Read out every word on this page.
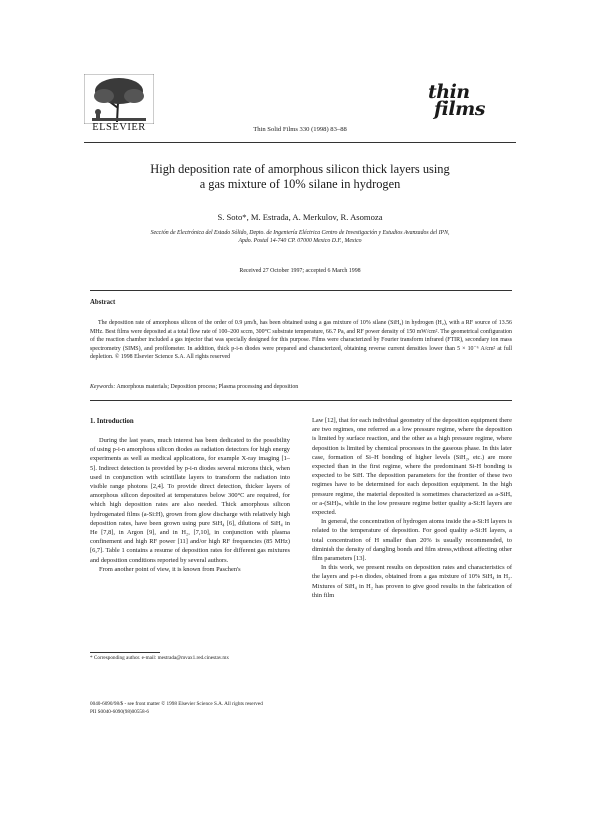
ELSEVIER	Thin Solid Films 330 (1998) 83–88
thin
films
High deposition rate of amorphous silicon thick layers using
a gas mixture of 10% silane in hydrogen
S. Soto*, M. Estrada, A. Merkulov, R. Asomoza
Sección de Electrónica del Estado Sólido, Depto. de Ingeniería Eléctrica Centro de Investigación y Estudios Avanzados del IPN,
Apdo. Postal 14-740 CP. 07000 Mexico D.F., Mexico
Received 27 October 1997; accepted 6 March 1998
Abstract
The deposition rate of amorphous silicon of the order of 0.9 μm/h, has been obtained using a gas mixture of 10% silane (SiH₄) in hydrogen (H₂), with a RF source of 13.56 MHz. Best films were deposited at a total flow rate of 100–200 sccm, 300°C substrate temperature, 66.7 Pa, and RF power density of 150 mW/cm². The geometrical configuration of the reaction chamber included a gas injector that was specially designed for this purpose. Films were characterized by Fourier transform infrared (FTIR), secondary ion mass spectrometry (SIMS), and profilometer. In addition, thick p-i-n diodes were prepared and characterized, obtaining reverse current densities lower than 5 × 10⁻⁶ A/cm² at full depletion. © 1998 Elsevier Science S.A. All rights reserved
Keywords: Amorphous materials; Deposition process; Plasma processing and deposition
1. Introduction

During the last years, much interest has been dedicated to the possibility of using p-i-n amorphous silicon diodes as radiation detectors for high energy experiments as well as medical applications, for example X-ray imaging [1–5]. Indirect detection is provided by p-i-n diodes several microns thick, when used in conjunction with scintillate layers to transform the radiation into visible range photons [2,4]. To provide direct detection, thicker layers of amorphous silicon deposited at temperatures below 300°C are required, for which high deposition rates are also needed. Thick amorphous silicon hydrogenated films (a-Si:H), grown from glow discharge with relatively high deposition rates, have been grown using pure SiH₄ [6], dilutions of SiH₄ in He [7,8], in Argon [9], and in H₂, [7,10], in conjunction with plasma confinement and high RF power [11] and/or high RF frequencies (85 MHz) [6,7]. Table 1 contains a resume of deposition rates for different gas mixtures and deposition conditions reported by several authors.

From another point of view, it is known from Paschen's

Law [12], that for each individual geometry of the deposition equipment there are two regimes, one referred as a low pressure regime, where the deposition is limited by surface reaction, and the other as a high pressure regime, where deposition is limited by chemical processes in the gaseous phase. In this later case, formation of Si–H bonding of higher levels (SiH₂, etc.) are more expected than in the first regime, where the predominant Si-H bonding is expected to be SiH. The deposition parameters for the frontier of these two regimes have to be determined for each deposition equipment. In the high pressure regime, the material deposited is sometimes characterized as a-SiHₓ or a-(SiH)ₙ, while in the low pressure regime better quality a-Si:H layers are expected.

In general, the concentration of hydrogen atoms inside the a-Si:H layers is related to the temperature of deposition. For good quality a-Si:H layers, a total concentration of H smaller than 20% is usually recommended, to diminish the density of dangling bonds and film stress,without affecting other film parameters [13].

In this work, we present results on deposition rates and characteristics of the layers and p-i-n diodes, obtained from a gas mixture of 10% SiH₄ in H₂. Mixtures of SiH₄ in H₂ has proven to give good results in the fabrication of thin film

* Corresponding author. e-mail: mestrada@mvax1.red.cinestav.mx
0040-6090/98/$ - see front matter © 1998 Elsevier Science S.A. All rights reserved
PII S0040-6090(98)00558-6
